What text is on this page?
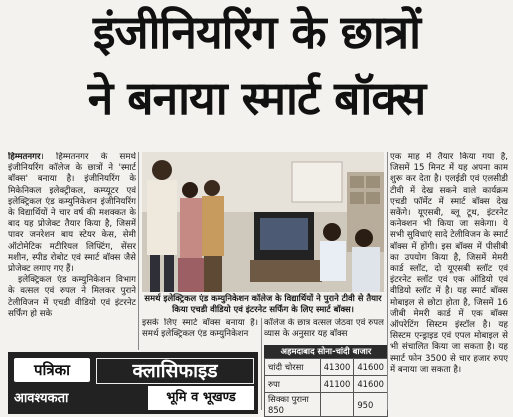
इंजीनियरिंग के छात्रों
ने बनाया स्मार्ट बॉक्स

हिम्मतनगर। हिम्मतनगर के समर्थ इंजीनियरिंग कॉलेज के छात्रों ने 'स्मार्ट बॉक्स' बनाया है। इंजीनियरिंग के मिकेनिकल इलेक्ट्रीकल, कम्प्यूटर एवं इलेक्ट्रिकल एंड कम्युनिकेशन इंजीनियरिंग के विद्यार्थियों ने चार वर्ष की मशक्कत के बाद यह प्रोजेक्ट तैयार किया है, जिसमें पावर जनरेशन बाय स्टेयर केस, सेमी ऑटोमेटिक मटीरियल लिफ्टिंग, सेंसर मशीन, स्पीड रोबोट एवं स्मार्ट बॉक्स जैसे प्रोजेक्ट लगाए गए हैं।

इलेक्ट्रिकल एंड कम्युनिकेशन विभाग के वत्सल एवं रुपल ने मिलकर पुराने टेलीविजन में एचडी वीडियो एवं इंटरनेट सर्फिंग हो सके

समर्थ इलेक्ट्रिकल एंड कम्युनिकेशन कॉलेज के विद्यार्थियों ने पुराने टीवी से तैयार किया एचडी वीडियो एवं इंटरनेट सर्फिंग के लिए स्मार्ट बॉक्स।

इसके लिए स्मार्ट बॉक्स बनाया है। समर्थ इलेक्ट्रिकल एंड कम्युनिकेशन

कॉलेज के छात्र वत्सल जेठवा एवं रुपल व्यास के अनुसार यह बॉक्स

एक माह में तैयार किया गया है, जिसमें 15 मिनट में यह अपना काम शुरू कर देता है। एलईडी एवं एलसीडी टीवी में देख सकने वाले कार्यक्रम एचडी फॉर्मेट में स्मार्ट बॉक्स देख सकेंगे। यूएसबी, ब्लू टूथ, इंटरनेट कनेक्शन भी किया जा सकेगा। ये सभी सुविधाएं सादे टेलीविजन के स्मार्ट बॉक्स में होंगी। इस बॉक्स में पीसीबी का उपयोग किया है, जिसमें मेमरी कार्ड स्लॉट, दो यूएसबी स्लॉट एवं इंटरनेट स्लॉट एवं एक ऑडियो एवं वीडियो स्लॉट में है। यह स्मार्ट बॉक्स मोबाइल से छोटा होता है, जिसमें 16 जीबी मेमरी कार्ड में एक बॉक्स ऑपरेटिंग सिस्टम इंस्टॉल है। यह सिस्टम एन्ड्राइड एवं एपल मोबाइल से भी संचालित किया जा सकता है। यह स्मार्ट फोन 3500 से चार हजार रुपए में बनाया जा सकता है।

अहमदाबाद सोना-चांदी बाजार
चांदी चोरसा	41300	41600
रुपा	41100	41600
सिक्का पुराना 850		950
पत्रिका	क्लासिफाइड
आवश्यकता	भूमि व भूखण्ड
